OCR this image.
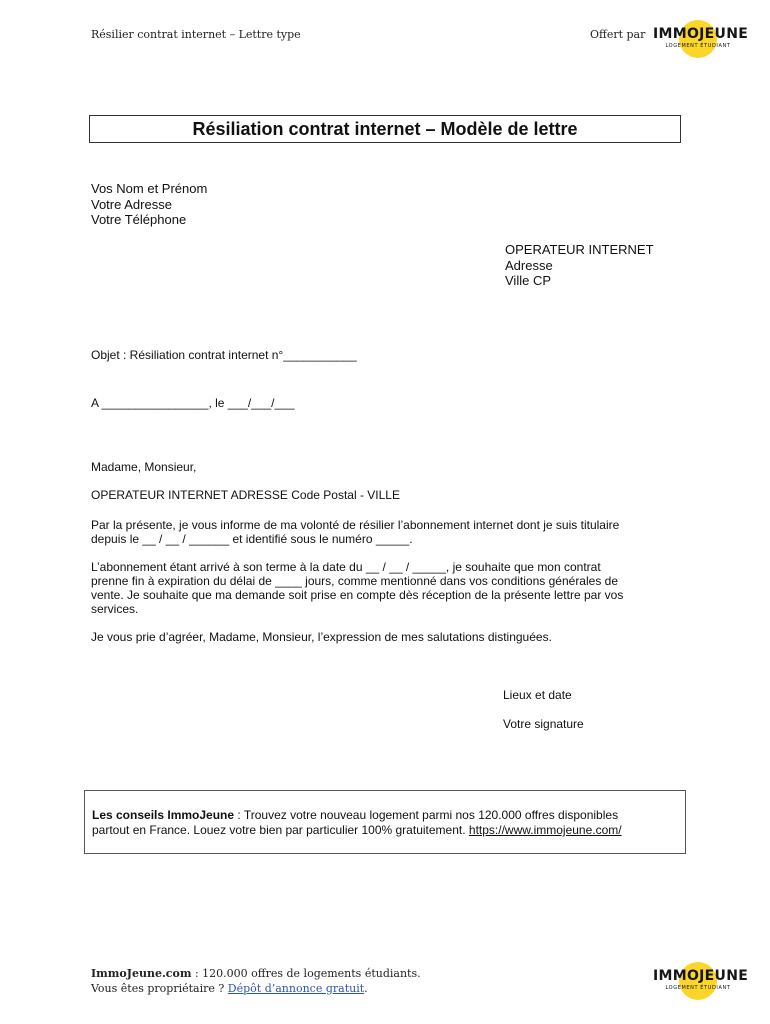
Résilier contrat internet – Lettre type	Offert par IMMOJEUNE
LOGEMENT ÉTUDIANT
Résiliation contrat internet – Modèle de lettre
Vos Nom et Prénom
Votre Adresse
Votre Téléphone
OPERATEUR INTERNET
Adresse
Ville CP
Objet : Résiliation contrat internet n°___________
A ________________, le ___/___/___
Madame, Monsieur,
OPERATEUR INTERNET ADRESSE Code Postal - VILLE
Par la présente, je vous informe de ma volonté de résilier l’abonnement internet dont je suis titulaire
depuis le __ / __ / ______ et identifié sous le numéro _____.
L’abonnement étant arrivé à son terme à la date du __ / __ / _____, je souhaite que mon contrat
prenne fin à expiration du délai de ____ jours, comme mentionné dans vos conditions générales de
vente. Je souhaite que ma demande soit prise en compte dès réception de la présente lettre par vos
services.
Je vous prie d’agréer, Madame, Monsieur, l’expression de mes salutations distinguées.
Lieux et date
Votre signature
Les conseils ImmoJeune : Trouvez votre nouveau logement parmi nos 120.000 offres disponibles
partout en France. Louez votre bien par particulier 100% gratuitement. https://www.immojeune.com/
ImmoJeune.com : 120.000 offres de logements étudiants.
Vous êtes propriétaire ? Dépôt d’annonce gratuit.
IMMOJEUNE
LOGEMENT ÉTUDIANT
